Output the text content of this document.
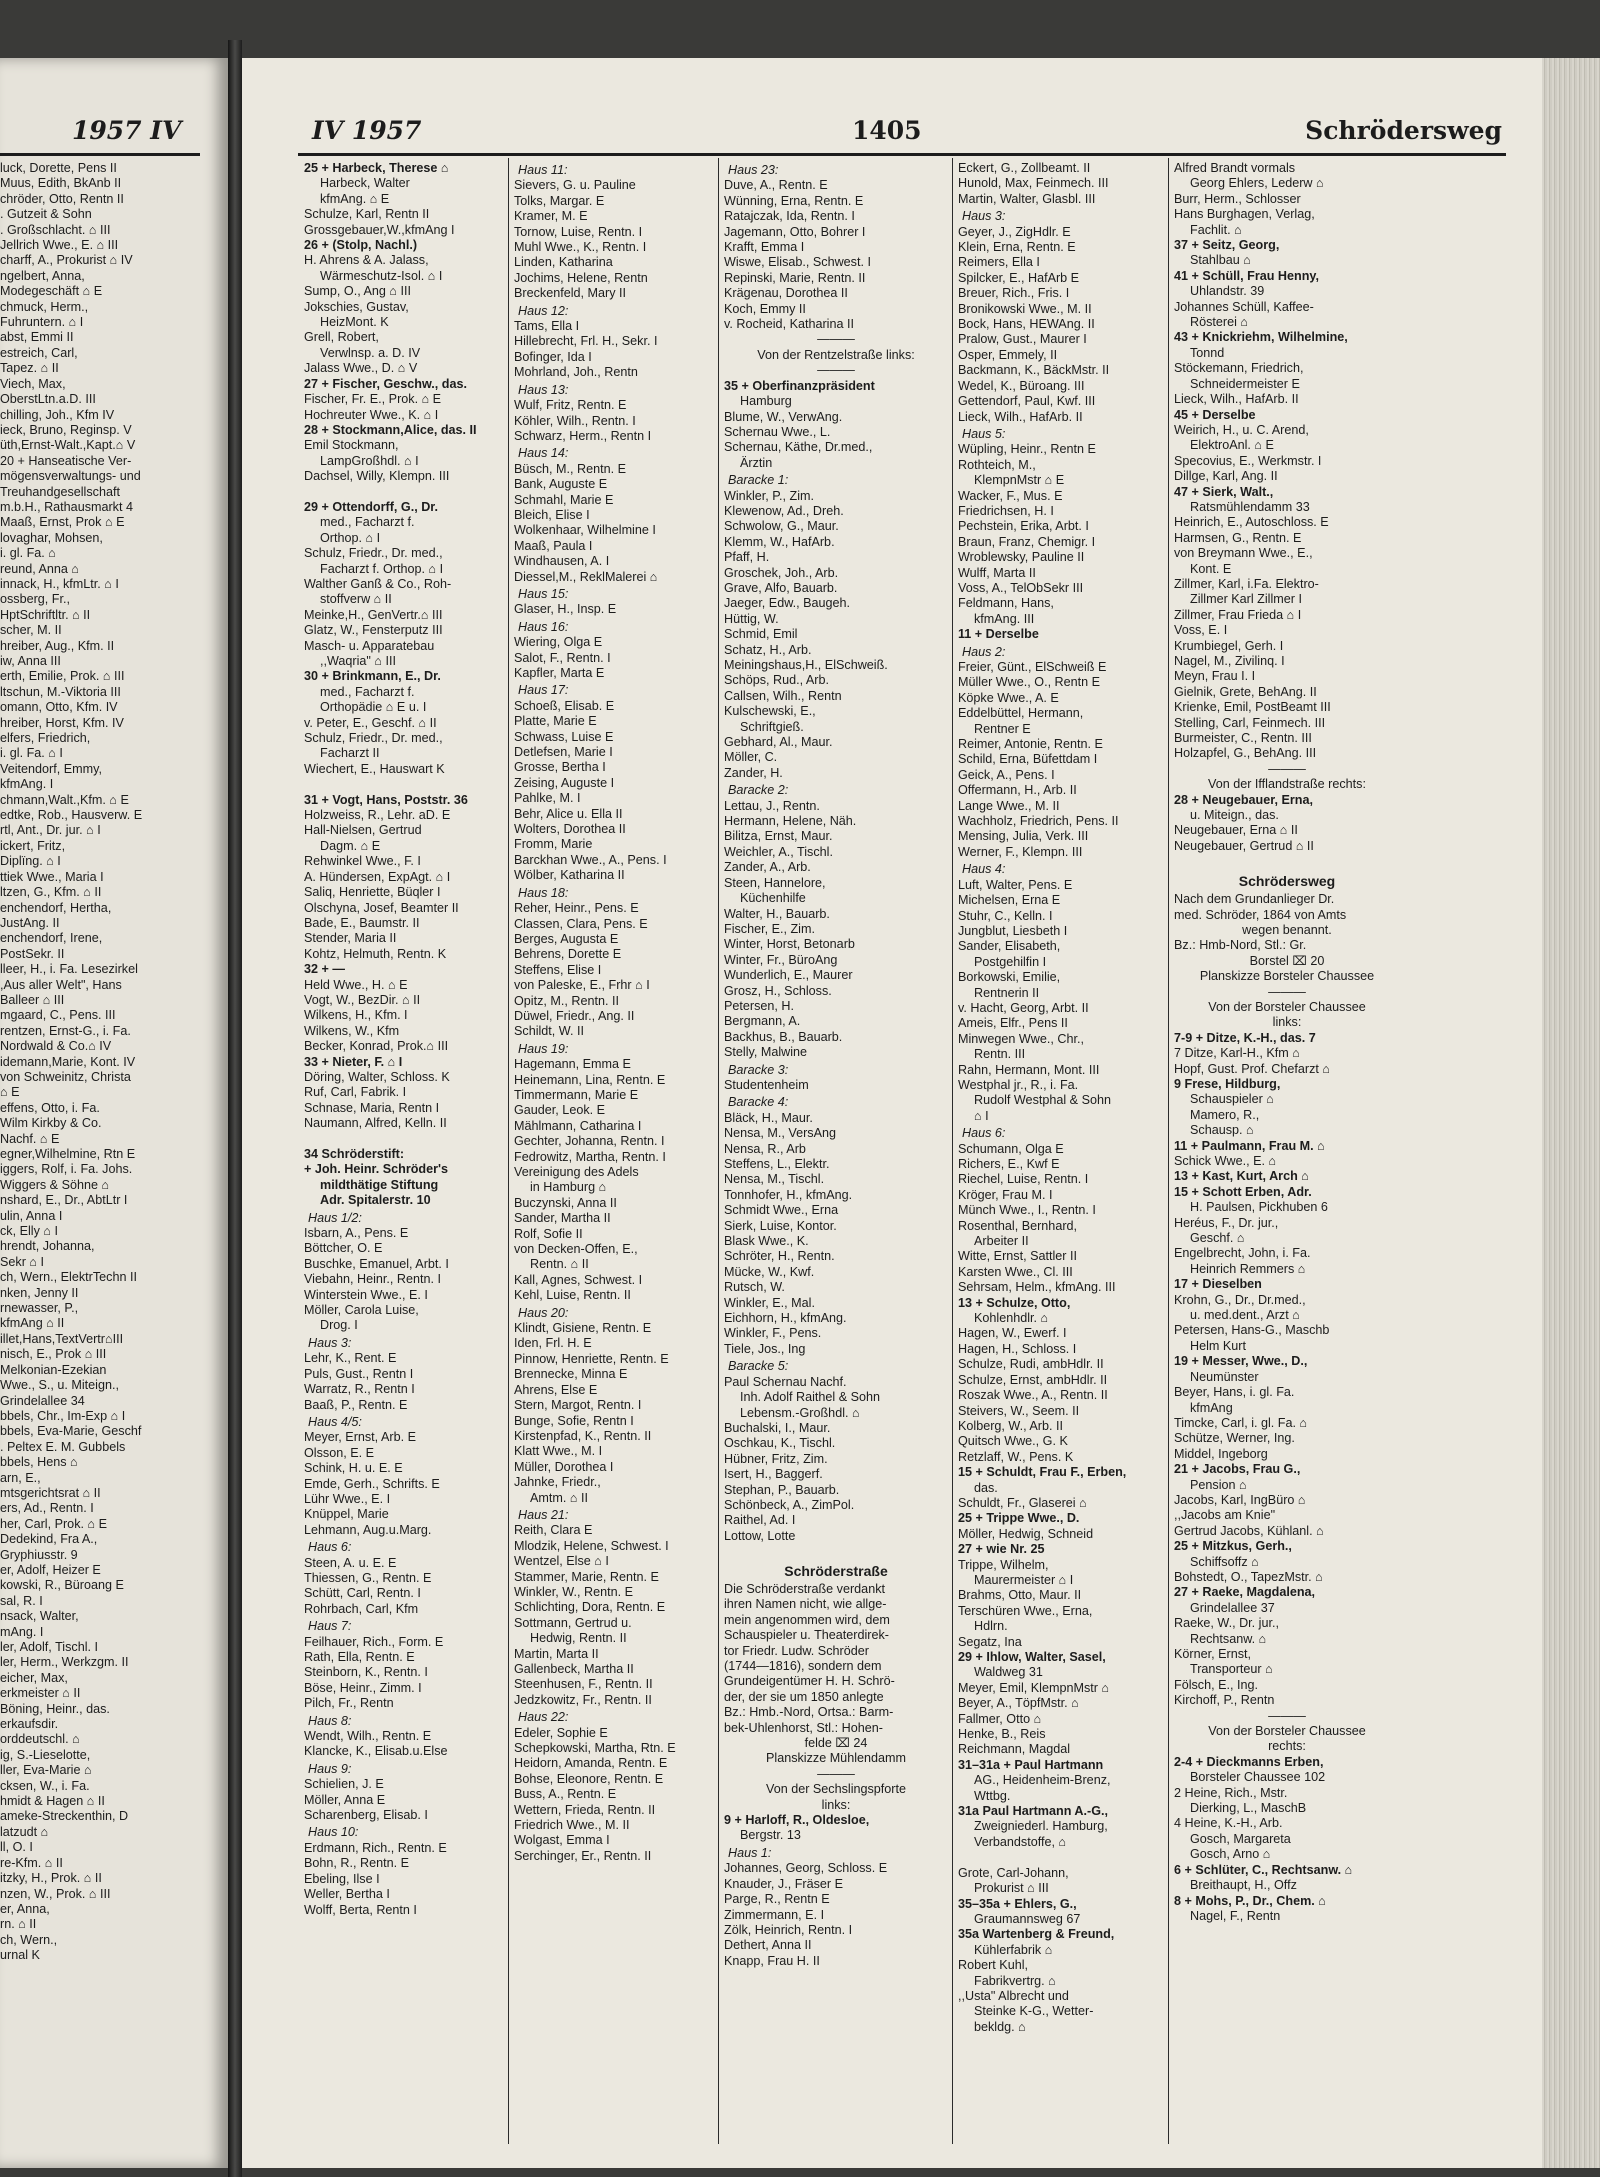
1957 IV
luck, Dorette, Pens II
Muus, Edith, BkAnb II
chröder, Otto, Rentn II
. Gutzeit & Sohn
. Großschlacht. ⌂ III
Jellrich Wwe., E. ⌂ III
charff, A., Prokurist ⌂ IV
ngelbert, Anna,
Modegeschäft ⌂ E
chmuck, Herm.,
Fuhruntern. ⌂ I
abst, Emmi II
estreich, Carl,
Tapez. ⌂ II
Viech, Max,
OberstLtn.a.D. III
chilling, Joh., Kfm IV
ieck, Bruno, Reginsp. V
üth,Ernst-Walt.,Kapt.⌂ V
20 + Hanseatische Ver-
mögensverwaltungs- und
Treuhandgesellschaft
m.b.H., Rathausmarkt 4
Maaß, Ernst, Prok ⌂ E
lovaghar, Mohsen,
i. gl. Fa. ⌂
reund, Anna ⌂
innack, H., kfmLtr. ⌂ I
ossberg, Fr.,
HptSchriftltr. ⌂ II
scher, M. II
hreiber, Aug., Kfm. II
iw, Anna III
erth, Emilie, Prok. ⌂ III
ltschun, M.-Viktoria III
omann, Otto, Kfm. IV
hreiber, Horst, Kfm. IV
elfers, Friedrich,
i. gl. Fa. ⌂ I
Veitendorf, Emmy,
kfmAng. I
chmann,Walt.,Kfm. ⌂ E
edtke, Rob., Hausverw. E
rtl, Ant., Dr. jur. ⌂ I
ickert, Fritz,
Diplïng. ⌂ I
ttiek Wwe., Maria I
ltzen, G., Kfm. ⌂ II
enchendorf, Hertha,
JustAng. II
enchendorf, Irene,
PostSekr. II
lleer, H., i. Fa. Lesezirkel
,Aus aller Welt", Hans
Balleer ⌂ III
mgaard, C., Pens. III
rentzen, Ernst-G., i. Fa.
Nordwald & Co.⌂ IV
idemann,Marie, Kont. IV
von Schweinitz, Christa
⌂ E
effens, Otto, i. Fa.
Wilm Kirkby & Co.
Nachf. ⌂ E
egner,Wilhelmine, Rtn E
iggers, Rolf, i. Fa. Johs.
Wiggers & Söhne ⌂
nshard, E., Dr., AbtLtr I
ulin, Anna I
ck, Elly ⌂ I
hrendt, Johanna,
Sekr ⌂ I
ch, Wern., ElektrTechn II
nken, Jenny II
rnewasser, P.,
kfmAng ⌂ II
illet,Hans,TextVertr⌂III
nisch, E., Prok ⌂ III
Melkonian-Ezekian
Wwe., S., u. Miteign.,
Grindelallee 34
bbels, Chr., Im-Exp ⌂ I
bbels, Eva-Marie, Geschf
. Peltex E. M. Gubbels
bbels, Hens ⌂
arn, E.,
mtsgerichtsrat ⌂ II
ers, Ad., Rentn. I
her, Carl, Prok. ⌂ E
Dedekind, Fra A.,
Gryphiusstr. 9
er, Adolf, Heizer E
kowski, R., Büroang E
sal, R. I
nsack, Walter,
mAng. I
ler, Adolf, Tischl. I
ler, Herm., Werkzgm. II
eicher, Max,
erkmeister ⌂ II
Böning, Heinr., das.
erkaufsdir.
orddeutschl. ⌂
ig, S.-Lieselotte,
ller, Eva-Marie ⌂
cksen, W., i. Fa.
hmidt & Hagen ⌂ II
ameke-Streckenthin, D
latzudt ⌂
ll, O. I
re-Kfm. ⌂ II
itzky, H., Prok. ⌂ II
nzen, W., Prok. ⌂ III
er, Anna,
rn. ⌂ II
ch, Wern.,
urnal K
IV 1957	1405	Schrödersweg
25 + Harbeck, Therese ⌂
Harbeck, Walter
kfmAng. ⌂ E
Schulze, Karl, Rentn II
Grossgebauer,W.,kfmAng I
26 + (Stolp, Nachl.)
H. Ahrens & A. Jalass,
Wärmeschutz-Isol. ⌂ I
Sump, O., Ang ⌂ III
Jokschies, Gustav,
HeizMont. K
Grell, Robert,
Verwlnsp. a. D. IV
Jalass Wwe., D. ⌂ V
27 + Fischer, Geschw., das.
Fischer, Fr. E., Prok. ⌂ E
Hochreuter Wwe., K. ⌂ I
28 + Stockmann,Alice, das. II
Emil Stockmann,
LampGroßhdl. ⌂ I
Dachsel, Willy, Klempn. III

29 + Ottendorff, G., Dr.
med., Facharzt f.
Orthop. ⌂ I
Schulz, Friedr., Dr. med.,
Facharzt f. Orthop. ⌂ I
Walther Ganß & Co., Roh-
stoffverw ⌂ II
Meinke,H., GenVertr.⌂ III
Glatz, W., Fensterputz III
Masch- u. Apparatebau
,,Waqria" ⌂ III
30 + Brinkmann, E., Dr.
med., Facharzt f.
Orthopädie ⌂ E u. I
v. Peter, E., Geschf. ⌂ II
Schulz, Friedr., Dr. med.,
Facharzt II
Wiechert, E., Hauswart K

31 + Vogt, Hans, Poststr. 36
Holzweiss, R., Lehr. aD. E
Hall-Nielsen, Gertrud
Dagm. ⌂ E
Rehwinkel Wwe., F. I
A. Hündersen, ExpAgt. ⌂ I
Saliq, Henriette, Büqler I
Olschyna, Josef, Beamter II
Bade, E., Baumstr. II
Stender, Maria II
Kohtz, Helmuth, Rentn. K
32 + —
Held Wwe., H. ⌂ E
Vogt, W., BezDir. ⌂ II
Wilkens, H., Kfm. I
Wilkens, W., Kfm
Becker, Konrad, Prok.⌂ III
33 + Nieter, F. ⌂ I
Döring, Walter, Schloss. K
Ruf, Carl, Fabrik. I
Schnase, Maria, Rentn I
Naumann, Alfred, Kelln. II

34 Schröderstift:
+ Joh. Heinr. Schröder's
mildthätige Stiftung
Adr. Spitalerstr. 10
Haus 1/2:
Isbarn, A., Pens. E
Böttcher, O. E
Buschke, Emanuel, Arbt. I
Viebahn, Heinr., Rentn. I
Winterstein Wwe., E. I
Möller, Carola Luise,
Drog. I
Haus 3:
Lehr, K., Rent. E
Puls, Gust., Rentn I
Warratz, R., Rentn I
Baaß, P., Rentn. E
Haus 4/5:
Meyer, Ernst, Arb. E
Olsson, E. E
Schink, H. u. E. E
Emde, Gerh., Schrifts. E
Lühr Wwe., E. I
Knüppel, Marie
Lehmann, Aug.u.Marg.
Haus 6:
Steen, A. u. E. E
Thiessen, G., Rentn. E
Schütt, Carl, Rentn. I
Rohrbach, Carl, Kfm
Haus 7:
Feilhauer, Rich., Form. E
Rath, Ella, Rentn. E
Steinborn, K., Rentn. I
Böse, Heinr., Zimm. I
Pilch, Fr., Rentn
Haus 8:
Wendt, Wilh., Rentn. E
Klancke, K., Elisab.u.Else
Haus 9:
Schielien, J. E
Möller, Anna E
Scharenberg, Elisab. I
Haus 10:
Erdmann, Rich., Rentn. E
Bohn, R., Rentn. E
Ebeling, Ilse I
Weller, Bertha I
Wolff, Berta, Rentn I
Haus 11:
Sievers, G. u. Pauline
Tolks, Margar. E
Kramer, M. E
Tornow, Luise, Rentn. I
Muhl Wwe., K., Rentn. I
Linden, Katharina
Jochims, Helene, Rentn
Breckenfeld, Mary II
Haus 12:
Tams, Ella I
Hillebrecht, Frl. H., Sekr. I
Bofinger, Ida I
Mohrland, Joh., Rentn
Haus 13:
Wulf, Fritz, Rentn. E
Köhler, Wilh., Rentn. I
Schwarz, Herm., Rentn I
Haus 14:
Büsch, M., Rentn. E
Bank, Auguste E
Schmahl, Marie E
Bleich, Elise I
Wolkenhaar, Wilhelmine I
Maaß, Paula I
Windhausen, A. I
Diessel,M., ReklMalerei ⌂
Haus 15:
Glaser, H., Insp. E
Haus 16:
Wiering, Olga E
Salot, F., Rentn. I
Kapfler, Marta E
Haus 17:
Schoeß, Elisab. E
Platte, Marie E
Schwass, Luise E
Detlefsen, Marie I
Grosse, Bertha I
Zeising, Auguste I
Pahlke, M. I
Behr, Alice u. Ella II
Wolters, Dorothea II
Fromm, Marie
Barckhan Wwe., A., Pens. I
Wölber, Katharina II
Haus 18:
Reher, Heinr., Pens. E
Classen, Clara, Pens. E
Berges, Augusta E
Behrens, Dorette E
Steffens, Elise I
von Paleske, E., Frhr ⌂ I
Opitz, M., Rentn. II
Düwel, Friedr., Ang. II
Schildt, W. II
Haus 19:
Hagemann, Emma E
Heinemann, Lina, Rentn. E
Timmermann, Marie E
Gauder, Leok. E
Mählmann, Catharina I
Gechter, Johanna, Rentn. I
Fedrowitz, Martha, Rentn. I
Vereinigung des Adels
in Hamburg ⌂
Buczynski, Anna II
Sander, Martha II
Rolf, Sofie II
von Decken-Offen, E.,
Rentn. ⌂ II
Kall, Agnes, Schwest. I
Kehl, Luise, Rentn. II
Haus 20:
Klindt, Gisiene, Rentn. E
Iden, Frl. H. E
Pinnow, Henriette, Rentn. E
Brennecke, Minna E
Ahrens, Else E
Stern, Margot, Rentn. I
Bunge, Sofie, Rentn I
Kirstenpfad, K., Rentn. II
Klatt Wwe., M. I
Müller, Dorothea I
Jahnke, Friedr.,
Amtm. ⌂ II
Haus 21:
Reith, Clara E
Mlodzik, Helene, Schwest. I
Wentzel, Else ⌂ I
Stammer, Marie, Rentn. E
Winkler, W., Rentn. E
Schlichting, Dora, Rentn. E
Sottmann, Gertrud u.
Hedwig, Rentn. II
Martin, Marta II
Gallenbeck, Martha II
Steenhusen, F., Rentn. II
Jedzkowitz, Fr., Rentn. II
Haus 22:
Edeler, Sophie E
Schepkowski, Martha, Rtn. E
Heidorn, Amanda, Rentn. E
Bohse, Eleonore, Rentn. E
Buss, A., Rentn. E
Wettern, Frieda, Rentn. II
Friedrich Wwe., M. II
Wolgast, Emma I
Serchinger, Er., Rentn. II
Haus 23:
Duve, A., Rentn. E
Wünning, Erna, Rentn. E
Ratajczak, Ida, Rentn. I
Jagemann, Otto, Bohrer I
Krafft, Emma I
Wiswe, Elisab., Schwest. I
Repinski, Marie, Rentn. II
Krägenau, Dorothea II
Koch, Emmy II
v. Rocheid, Katharina II
———
Von der Rentzelstraße links:
———
35 + Oberfinanzpräsident
Hamburg
Blume, W., VerwAng.
Schernau Wwe., L.
Schernau, Käthe, Dr.med.,
Ärztin
Baracke 1:
Winkler, P., Zim.
Klewenow, Ad., Dreh.
Schwolow, G., Maur.
Klemm, W., HafArb.
Pfaff, H.
Groschek, Joh., Arb.
Grave, Alfo, Bauarb.
Jaeger, Edw., Baugeh.
Hüttig, W.
Schmid, Emil
Schatz, H., Arb.
Meiningshaus,H., ElSchweiß.
Schöps, Rud., Arb.
Callsen, Wilh., Rentn
Kulschewski, E.,
Schriftgieß.
Gebhard, Al., Maur.
Möller, C.
Zander, H.
Baracke 2:
Lettau, J., Rentn.
Hermann, Helene, Näh.
Bilitza, Ernst, Maur.
Weichler, A., Tischl.
Zander, A., Arb.
Steen, Hannelore,
Küchenhilfe
Walter, H., Bauarb.
Fischer, E., Zim.
Winter, Horst, Betonarb
Winter, Fr., BüroAng
Wunderlich, E., Maurer
Grosz, H., Schloss.
Petersen, H.
Bergmann, A.
Backhus, B., Bauarb.
Stelly, Malwine
Baracke 3:
Studentenheim
Baracke 4:
Bläck, H., Maur.
Nensa, M., VersAng
Nensa, R., Arb
Steffens, L., Elektr.
Nensa, M., Tischl.
Tonnhofer, H., kfmAng.
Schmidt Wwe., Erna
Sierk, Luise, Kontor.
Blask Wwe., K.
Schröter, H., Rentn.
Mücke, W., Kwf.
Rutsch, W.
Winkler, E., Mal.
Eichhorn, H., kfmAng.
Winkler, F., Pens.
Tiele, Jos., Ing
Baracke 5:
Paul Schernau Nachf.
Inh. Adolf Raithel & Sohn
Lebensm.-Großhdl. ⌂
Buchalski, I., Maur.
Oschkau, K., Tischl.
Hübner, Fritz, Zim.
Isert, H., Baggerf.
Stephan, P., Bauarb.
Schönbeck, A., ZimPol.
Raithel, Ad. I
Lottow, Lotte

Schröderstraße
Die Schröderstraße verdankt
ihren Namen nicht, wie allge-
mein angenommen wird, dem
Schauspieler u. Theaterdirek-
tor Friedr. Ludw. Schröder
(1744—1816), sondern dem
Grundeigentümer H. H. Schrö-
der, der sie um 1850 anlegte
Bz.: Hmb.-Nord, Ortsa.: Barm-
bek-Uhlenhorst, Stl.: Hohen-
felde ⌧ 24
Planskizze Mühlendamm
———
Von der Sechslingspforte
links:
9 + Harloff, R., Oldesloe,
Bergstr. 13
Haus 1:
Johannes, Georg, Schloss. E
Knauder, J., Fräser E
Parge, R., Rentn E
Zimmermann, E. I
Zölk, Heinrich, Rentn. I
Dethert, Anna II
Knapp, Frau H. II
Eckert, G., Zollbeamt. II
Hunold, Max, Feinmech. III
Martin, Walter, Glasbl. III
Haus 3:
Geyer, J., ZigHdlr. E
Klein, Erna, Rentn. E
Reimers, Ella I
Spilcker, E., HafArb E
Breuer, Rich., Fris. I
Bronikowski Wwe., M. II
Bock, Hans, HEWAng. II
Pralow, Gust., Maurer I
Osper, Emmely, II
Backmann, K., BäckMstr. II
Wedel, K., Büroang. III
Gettendorf, Paul, Kwf. III
Lieck, Wilh., HafArb. II
Haus 5:
Wüpling, Heinr., Rentn E
Rothteich, M.,
KlempnMstr ⌂ E
Wacker, F., Mus. E
Friedrichsen, H. I
Pechstein, Erika, Arbt. I
Braun, Franz, Chemigr. I
Wroblewsky, Pauline II
Wulff, Marta II
Voss, A., TelObSekr III
Feldmann, Hans,
kfmAng. III
11 + Derselbe
Haus 2:
Freier, Günt., ElSchweiß E
Müller Wwe., O., Rentn E
Köpke Wwe., A. E
Eddelbüttel, Hermann,
Rentner E
Reimer, Antonie, Rentn. E
Schild, Erna, Büfettdam I
Geick, A., Pens. I
Offermann, H., Arb. II
Lange Wwe., M. II
Wachholz, Friedrich, Pens. II
Mensing, Julia, Verk. III
Werner, F., Klempn. III
Haus 4:
Luft, Walter, Pens. E
Michelsen, Erna E
Stuhr, C., Kelln. I
Jungblut, Liesbeth I
Sander, Elisabeth,
Postgehilfin I
Borkowski, Emilie,
Rentnerin II
v. Hacht, Georg, Arbt. II
Ameis, Elfr., Pens II
Minwegen Wwe., Chr.,
Rentn. III
Rahn, Hermann, Mont. III
Westphal jr., R., i. Fa.
Rudolf Westphal & Sohn
⌂ I
Haus 6:
Schumann, Olga E
Richers, E., Kwf E
Riechel, Luise, Rentn. I
Kröger, Frau M. I
Münch Wwe., I., Rentn. I
Rosenthal, Bernhard,
Arbeiter II
Witte, Ernst, Sattler II
Karsten Wwe., Cl. III
Sehrsam, Helm., kfmAng. III
13 + Schulze, Otto,
Kohlenhdlr. ⌂
Hagen, W., Ewerf. I
Hagen, H., Schloss. I
Schulze, Rudi, ambHdlr. II
Schulze, Ernst, ambHdlr. II
Roszak Wwe., A., Rentn. II
Steivers, W., Seem. II
Kolberg, W., Arb. II
Quitsch Wwe., G. K
Retzlaff, W., Pens. K
15 + Schuldt, Frau F., Erben,
das.
Schuldt, Fr., Glaserei ⌂
25 + Trippe Wwe., D.
Möller, Hedwig, Schneid
27 + wie Nr. 25
Trippe, Wilhelm,
Maurermeister ⌂ I
Brahms, Otto, Maur. II
Terschüren Wwe., Erna,
Hdlrn.
Segatz, Ina
29 + Ihlow, Walter, Sasel,
Waldweg 31
Meyer, Emil, KlempnMstr ⌂
Beyer, A., TöpfMstr. ⌂
Fallmer, Otto ⌂
Henke, B., Reis
Reichmann, Magdal
31–31a + Paul Hartmann
AG., Heidenheim-Brenz,
Wttbg.
31a Paul Hartmann A.-G.,
Zweigniederl. Hamburg,
Verbandstoffe, ⌂

Grote, Carl-Johann,
Prokurist ⌂ III
35–35a + Ehlers, G.,
Graumannsweg 67
35a Wartenberg & Freund,
Kühlerfabrik ⌂
Robert Kuhl,
Fabrikvertrg. ⌂
,,Usta" Albrecht und
Steinke K-G., Wetter-
bekldg. ⌂
Alfred Brandt vormals
Georg Ehlers, Lederw ⌂
Burr, Herm., Schlosser
Hans Burghagen, Verlag,
Fachlit. ⌂
37 + Seitz, Georg,
Stahlbau ⌂
41 + Schüll, Frau Henny,
Uhlandstr. 39
Johannes Schüll, Kaffee-
Rösterei ⌂
43 + Knickriehm, Wilhelmine,
Tonnd
Stöckemann, Friedrich,
Schneidermeister E
Lieck, Wilh., HafArb. II
45 + Derselbe
Weirich, H., u. C. Arend,
ElektroAnl. ⌂ E
Specovius, E., Werkmstr. I
Dillge, Karl, Ang. II
47 + Sierk, Walt.,
Ratsmühlendamm 33
Heinrich, E., Autoschloss. E
Harmsen, G., Rentn. E
von Breymann Wwe., E.,
Kont. E
Zillmer, Karl, i.Fa. Elektro-
Zillmer Karl Zillmer I
Zillmer, Frau Frieda ⌂ I
Voss, E. I
Krumbiegel, Gerh. I
Nagel, M., Zivilinq. I
Meyn, Frau I. I
Gielnik, Grete, BehAng. II
Krienke, Emil, PostBeamt III
Stelling, Carl, Feinmech. III
Burmeister, C., Rentn. III
Holzapfel, G., BehAng. III
———
Von der Ifflandstraße rechts:
28 + Neugebauer, Erna,
u. Miteign., das.
Neugebauer, Erna ⌂ II
Neugebauer, Gertrud ⌂ II

Schrödersweg
Nach dem Grundanlieger Dr.
med. Schröder, 1864 von Amts
wegen benannt.
Bz.: Hmb-Nord, Stl.: Gr.
Borstel ⌧ 20
Planskizze Borsteler Chaussee
———
Von der Borsteler Chaussee
links:
7-9 + Ditze, K.-H., das. 7
7 Ditze, Karl-H., Kfm ⌂
Hopf, Gust. Prof. Chefarzt ⌂
9 Frese, Hildburg,
Schauspieler ⌂
Mamero, R.,
Schausp. ⌂
11 + Paulmann, Frau M. ⌂
Schick Wwe., E. ⌂
13 + Kast, Kurt, Arch ⌂
15 + Schott Erben, Adr.
H. Paulsen, Pickhuben 6
Heréus, F., Dr. jur.,
Geschf. ⌂
Engelbrecht, John, i. Fa.
Heinrich Remmers ⌂
17 + Dieselben
Krohn, G., Dr., Dr.med.,
u. med.dent., Arzt ⌂
Petersen, Hans-G., Maschb
Helm Kurt
19 + Messer, Wwe., D.,
Neumünster
Beyer, Hans, i. gl. Fa.
kfmAng
Timcke, Carl, i. gl. Fa. ⌂
Schütze, Werner, Ing.
Middel, Ingeborg
21 + Jacobs, Frau G.,
Pension ⌂
Jacobs, Karl, IngBüro ⌂
,,Jacobs am Knie"
Gertrud Jacobs, Kühlanl. ⌂
25 + Mitzkus, Gerh.,
Schiffsoffz ⌂
Bohstedt, O., TapezMstr. ⌂
27 + Raeke, Magdalena,
Grindelallee 37
Raeke, W., Dr. jur.,
Rechtsanw. ⌂
Körner, Ernst,
Transporteur ⌂
Fölsch, E., Ing.
Kirchoff, P., Rentn
———
Von der Borsteler Chaussee
rechts:
2-4 + Dieckmanns Erben,
Borsteler Chaussee 102
2 Heine, Rich., Mstr.
Dierking, L., MaschB
4 Heine, K.-H., Arb.
Gosch, Margareta
Gosch, Arno ⌂
6 + Schlüter, C., Rechtsanw. ⌂
Breithaupt, H., Offz
8 + Mohs, P., Dr., Chem. ⌂
Nagel, F., Rentn
